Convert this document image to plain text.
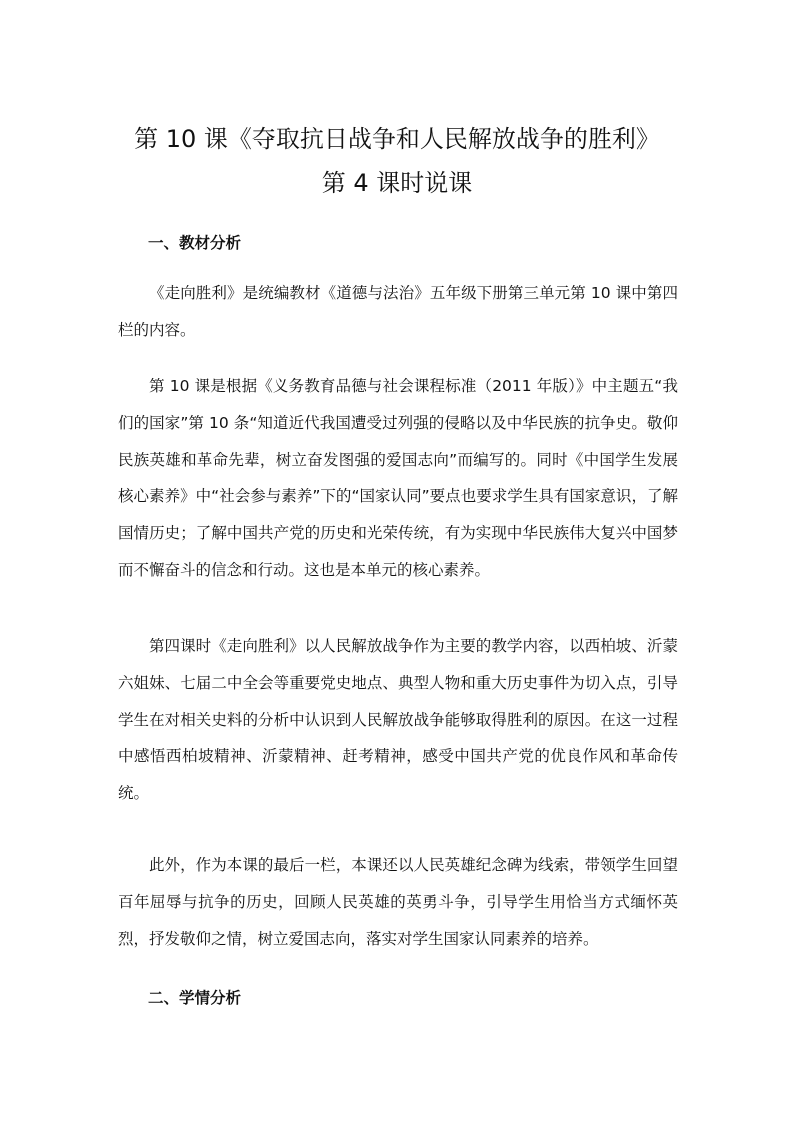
第 10 课《夺取抗日战争和人民解放战争的胜利》
第 4 课时说课
一、教材分析
《走向胜利》是统编教材《道德与法治》五年级下册第三单元第 10 课中第四栏的内容。
第 10 课是根据《义务教育品德与社会课程标准（2011 年版）》中主题五“我们的国家”第 10 条“知道近代我国遭受过列强的侵略以及中华民族的抗争史。敬仰民族英雄和革命先辈，树立奋发图强的爱国志向”而编写的。同时《中国学生发展核心素养》中“社会参与素养”下的“国家认同”要点也要求学生具有国家意识，了解国情历史；了解中国共产党的历史和光荣传统，有为实现中华民族伟大复兴中国梦而不懈奋斗的信念和行动。这也是本单元的核心素养。
第四课时《走向胜利》以人民解放战争作为主要的教学内容，以西柏坡、沂蒙六姐妹、七届二中全会等重要党史地点、典型人物和重大历史事件为切入点，引导学生在对相关史料的分析中认识到人民解放战争能够取得胜利的原因。在这一过程中感悟西柏坡精神、沂蒙精神、赶考精神，感受中国共产党的优良作风和革命传统。
此外，作为本课的最后一栏，本课还以人民英雄纪念碑为线索，带领学生回望百年屈辱与抗争的历史，回顾人民英雄的英勇斗争，引导学生用恰当方式缅怀英烈，抒发敬仰之情，树立爱国志向，落实对学生国家认同素养的培养。
二、学情分析
